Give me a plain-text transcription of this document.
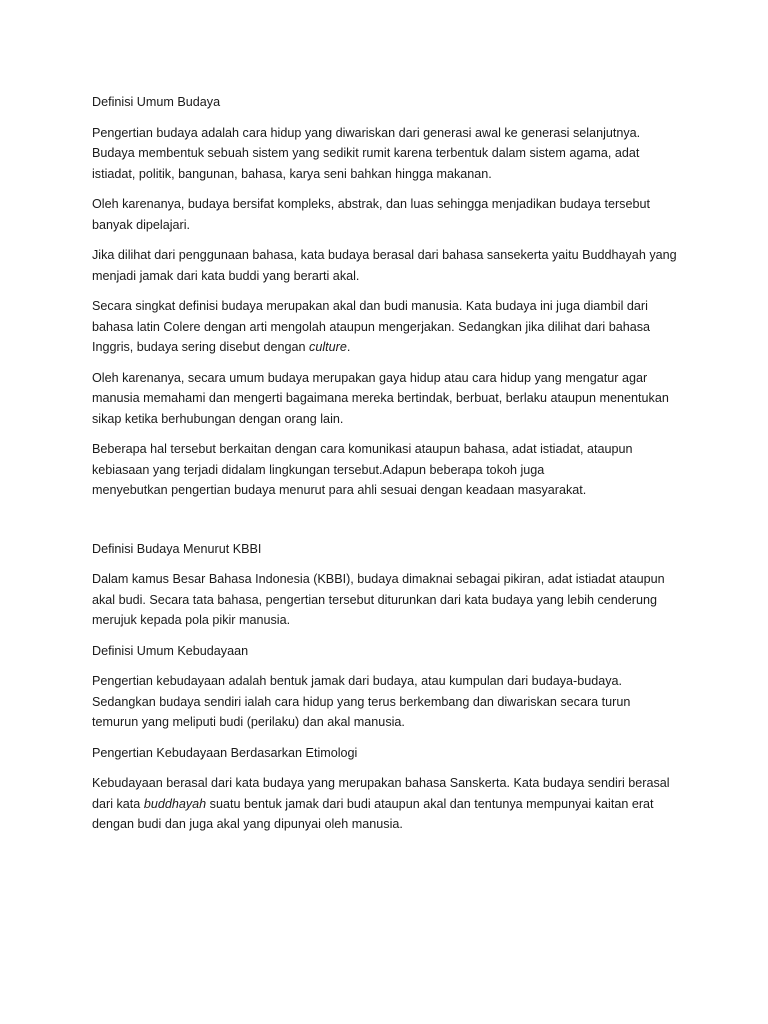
Definisi Umum Budaya

Pengertian budaya adalah cara hidup yang diwariskan dari generasi awal ke generasi selanjutnya.
Budaya membentuk sebuah sistem yang sedikit rumit karena terbentuk dalam sistem agama, adat
istiadat, politik, bangunan, bahasa, karya seni bahkan hingga makanan.
Oleh karenanya, budaya bersifat kompleks, abstrak, dan luas sehingga menjadikan budaya tersebut
banyak dipelajari.
Jika dilihat dari penggunaan bahasa, kata budaya berasal dari bahasa sansekerta yaitu Buddhayah yang
menjadi jamak dari kata buddi yang berarti akal.
Secara singkat definisi budaya merupakan akal dan budi manusia. Kata budaya ini juga diambil dari
bahasa latin Colere dengan arti mengolah ataupun mengerjakan. Sedangkan jika dilihat dari bahasa
Inggris, budaya sering disebut dengan culture.
Oleh karenanya, secara umum budaya merupakan gaya hidup atau cara hidup yang mengatur agar
manusia memahami dan mengerti bagaimana mereka bertindak, berbuat, berlaku ataupun menentukan
sikap ketika berhubungan dengan orang lain.
Beberapa hal tersebut berkaitan dengan cara komunikasi ataupun bahasa, adat istiadat, ataupun
kebiasaan yang terjadi didalam lingkungan tersebut.Adapun beberapa tokoh juga
menyebutkan pengertian budaya menurut para ahli sesuai dengan keadaan masyarakat.

Definisi Budaya Menurut KBBI

Dalam kamus Besar Bahasa Indonesia (KBBI), budaya dimaknai sebagai pikiran, adat istiadat ataupun
akal budi. Secara tata bahasa, pengertian tersebut diturunkan dari kata budaya yang lebih cenderung
merujuk kepada pola pikir manusia.

Definisi Umum Kebudayaan

Pengertian kebudayaan adalah bentuk jamak dari budaya, atau kumpulan dari budaya-budaya.
Sedangkan budaya sendiri ialah cara hidup yang terus berkembang dan diwariskan secara turun
temurun yang meliputi budi (perilaku) dan akal manusia.

Pengertian Kebudayaan Berdasarkan Etimologi

Kebudayaan berasal dari kata budaya yang merupakan bahasa Sanskerta. Kata budaya sendiri berasal
dari kata buddhayah suatu bentuk jamak dari budi ataupun akal dan tentunya mempunyai kaitan erat
dengan budi dan juga akal yang dipunyai oleh manusia.
